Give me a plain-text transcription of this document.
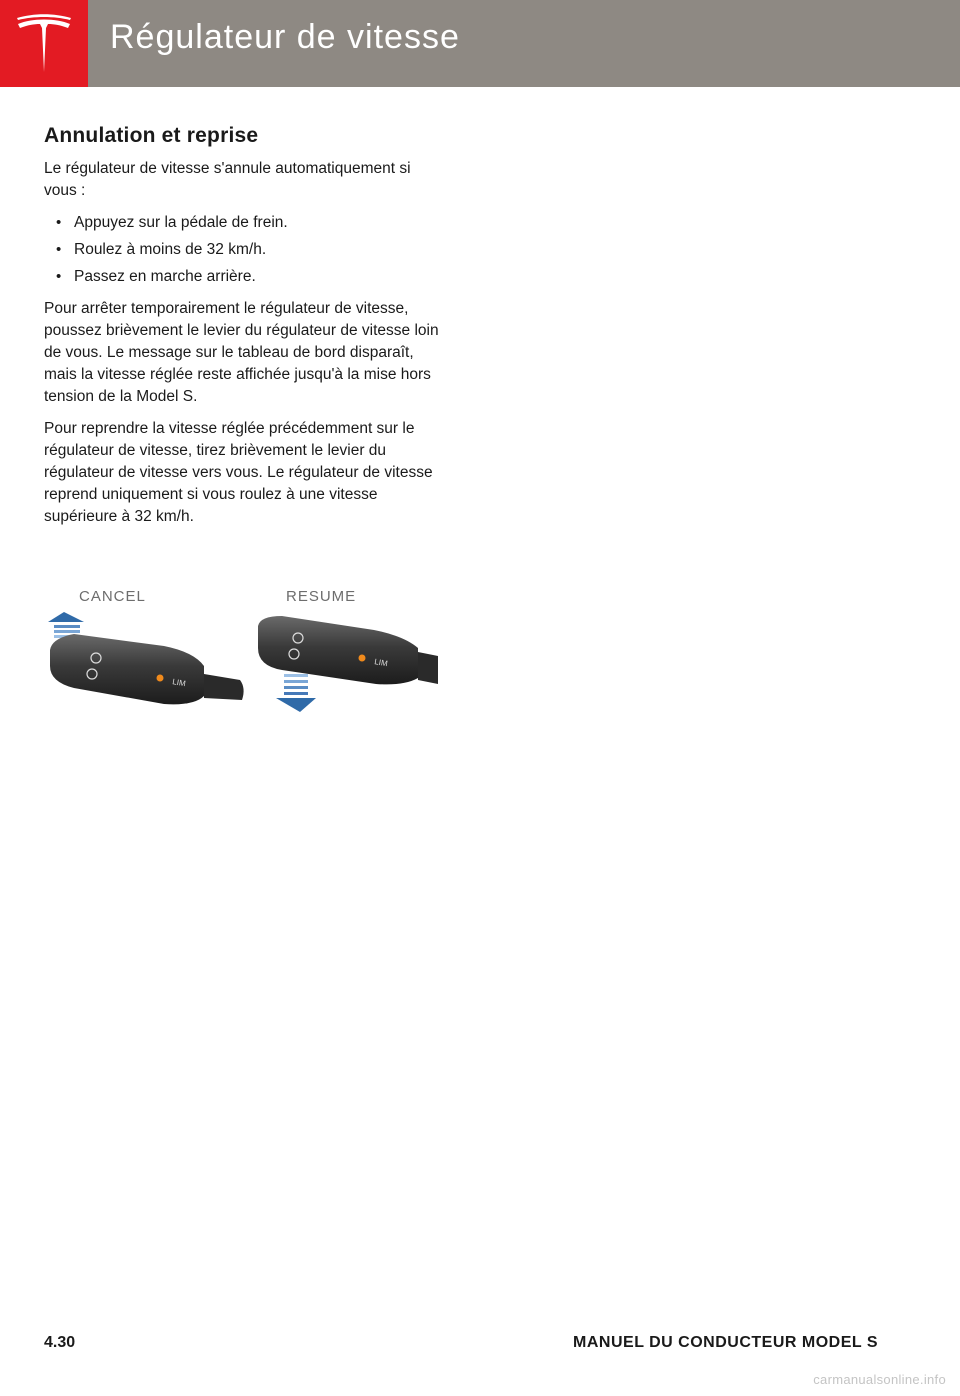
Régulateur de vitesse
Annulation et reprise

Le régulateur de vitesse s'annule automatiquement si vous :

• Appuyez sur la pédale de frein.
• Roulez à moins de 32 km/h.
• Passez en marche arrière.

Pour arrêter temporairement le régulateur de vitesse, poussez brièvement le levier du régulateur de vitesse loin de vous. Le message sur le tableau de bord disparaît, mais la vitesse réglée reste affichée jusqu'à la mise hors tension de la Model S.

Pour reprendre la vitesse réglée précédemment sur le régulateur de vitesse, tirez brièvement le levier du régulateur de vitesse vers vous. Le régulateur de vitesse reprend uniquement si vous roulez à une vitesse supérieure à 32 km/h.

CANCEL	RESUME
LIM
LIM
4.30	MANUEL DU CONDUCTEUR MODEL S
carmanualsonline.info
